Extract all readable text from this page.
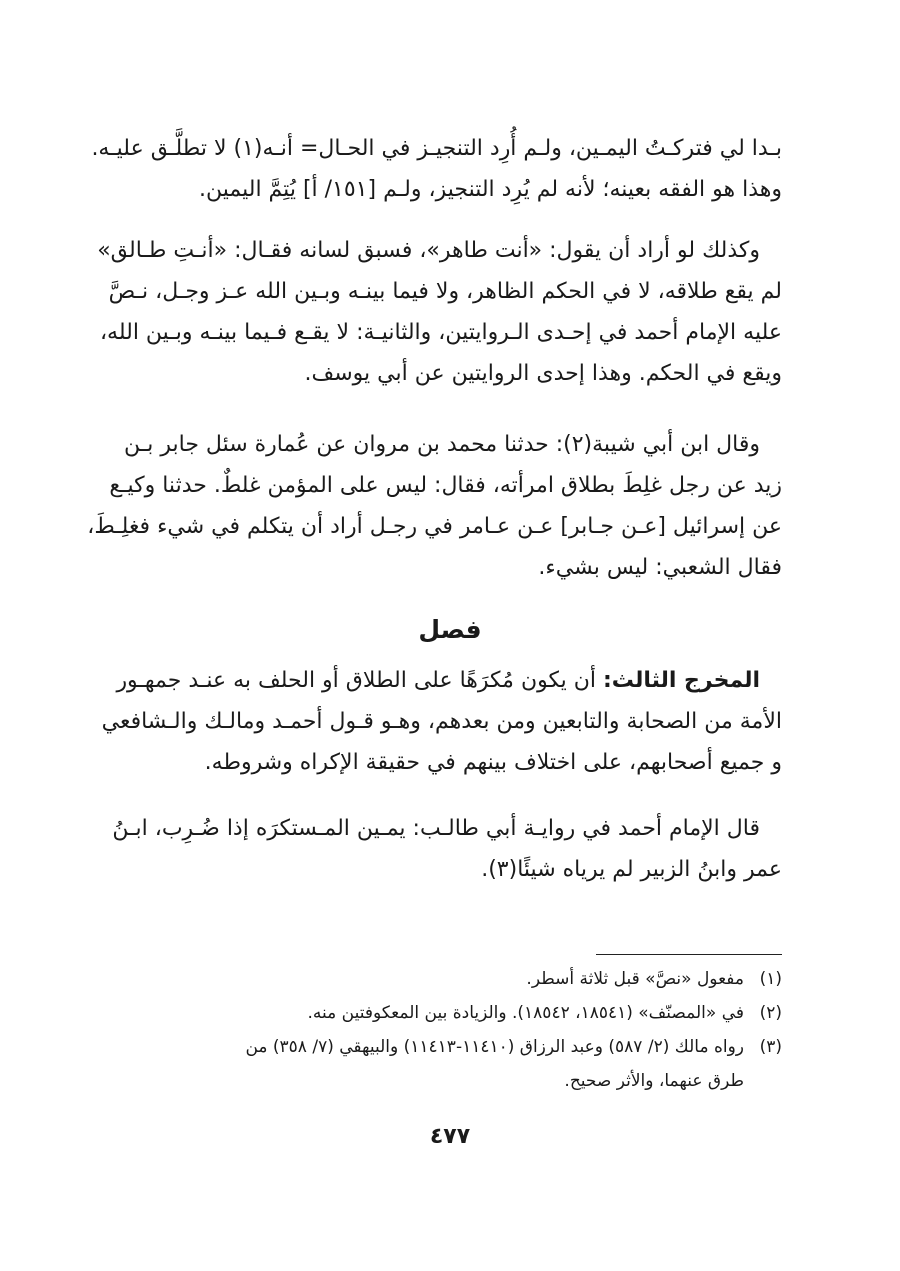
بـدا لي فتركـتُ اليمـين، ولـم أُرِد التنجيـز في الحـال= أنـه(١) لا تطلَّـق عليـه.
وهذا هو الفقه بعينه؛ لأنه لم يُرِد التنجيز، ولـم [١٥١/ أ] يُتِمَّ اليمين.
وكذلك لو أراد أن يقول: «أنت طاهر»، فسبق لسانه فقـال: «أنـتِ طـالق»
لم يقع طلاقه، لا في الحكم الظاهر، ولا فيما بينـه وبـين الله عـز وجـل، نـصَّ
عليه الإمام أحمد في إحـدى الـروايتين، والثانيـة: لا يقـع فـيما بينـه وبـين الله،
ويقع في الحكم. وهذا إحدى الروايتين عن أبي يوسف.
وقال ابن أبي شيبة(٢): حدثنا محمد بن مروان عن عُمارة سئل جابر بـن
زيد عن رجل غلِطَ بطلاق امرأته، فقال: ليس على المؤمن غلطٌ. حدثنا وكيـع
عن إسرائيل [عـن جـابر] عـن عـامر في رجـل أراد أن يتكلم في شيء فغلِـطَ،
فقال الشعبي: ليس بشيء.
فصل
المخرج الثالث: أن يكون مُكرَهًا على الطلاق أو الحلف به عنـد جمهـور
الأمة من الصحابة والتابعين ومن بعدهم، وهـو قـول أحمـد ومالـك والـشافعي
و جميع أصحابهم، على اختلاف بينهم في حقيقة الإكراه وشروطه.
قال الإمام أحمد في روايـة أبي طالـب: يمـين المـستكرَه إذا ضُـرِب، ابـنُ
عمر وابنُ الزبير لم يرياه شيئًا(٣).
(١)
مفعول «نصَّ» قبل ثلاثة أسطر.
(٢)
في «المصنّف» (١٨٥٤١، ١٨٥٤٢). والزيادة بين المعكوفتين منه.
(٣)
رواه مالك (٢/ ٥٨٧) وعبد الرزاق (١١٤١٠-١١٤١٣) والبيهقي (٧/ ٣٥٨) من
طرق عنهما، والأثر صحيح.
٤٧٧
